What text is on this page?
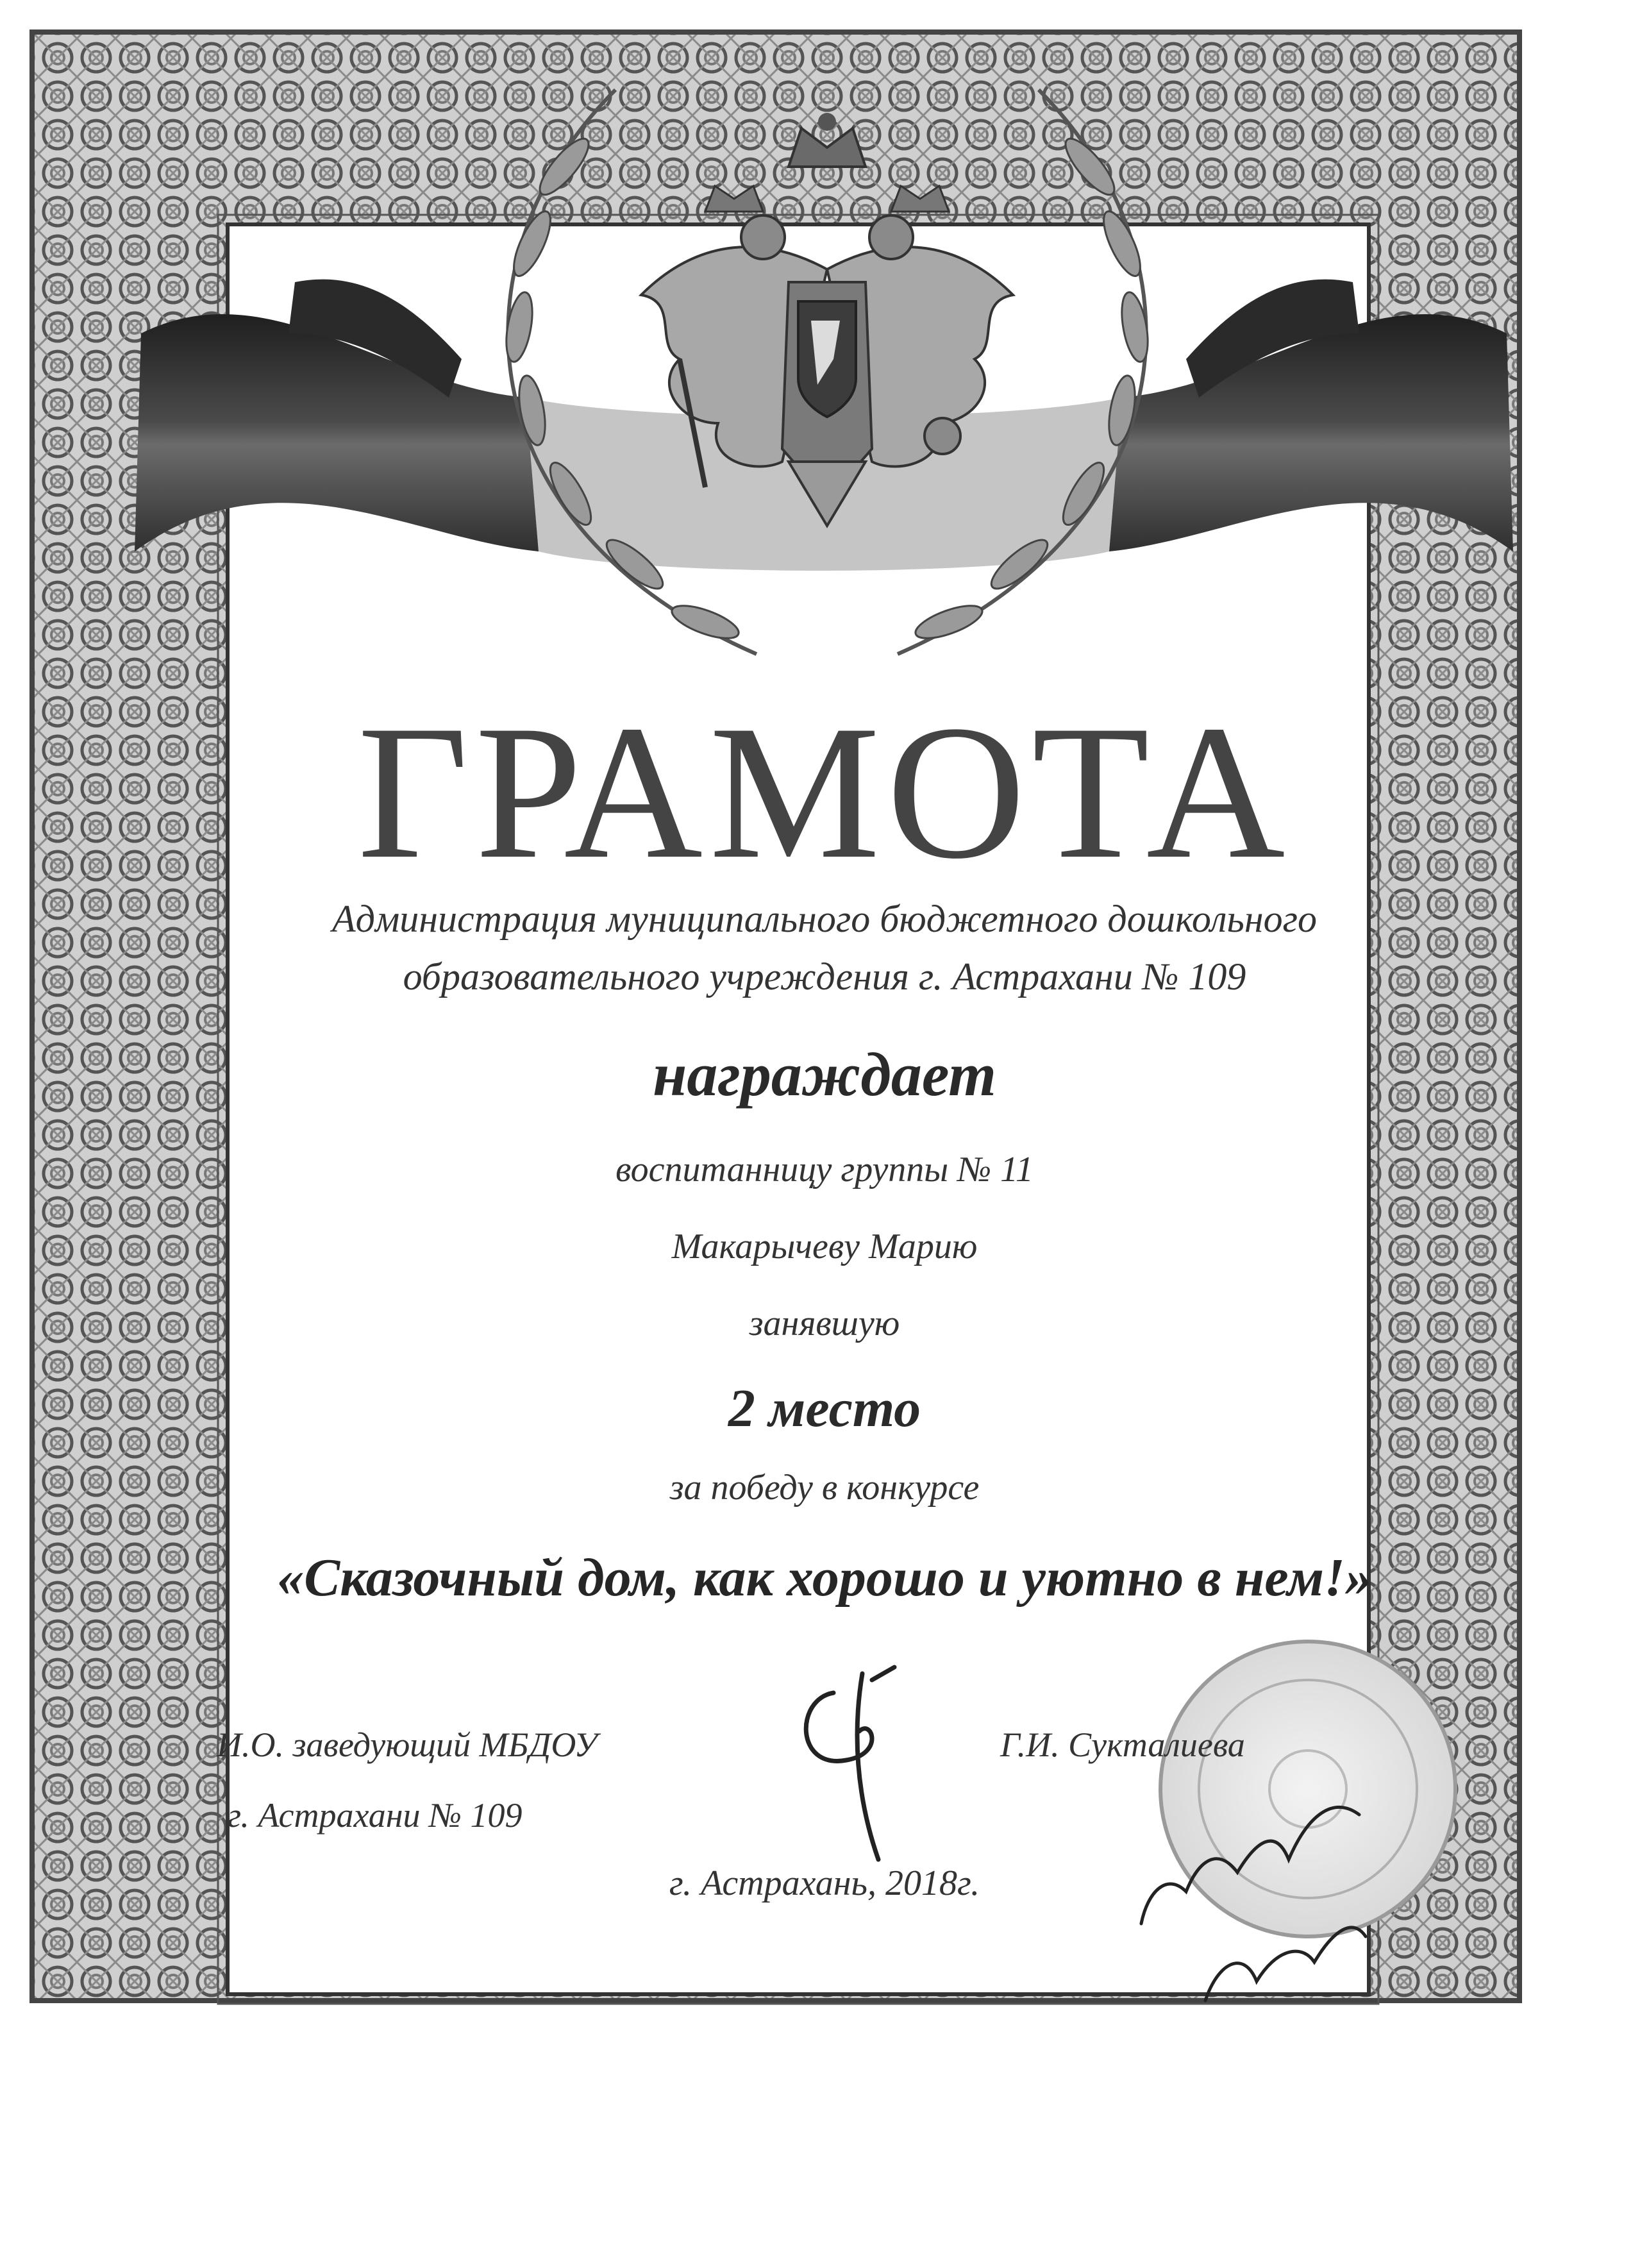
ГРАМОТА
Администрация муниципального бюджетного дошкольного
образовательного учреждения г. Астрахани № 109
награждает
воспитанницу группы № 11
Макарычеву Марию
занявшую
2 место
за победу в конкурсе
«Сказочный дом, как хорошо и уютно в нем!»
И.О. заведующий МБДОУ
г. Астрахани № 109
Г.И. Сукталиева
г. Астрахань, 2018г.
